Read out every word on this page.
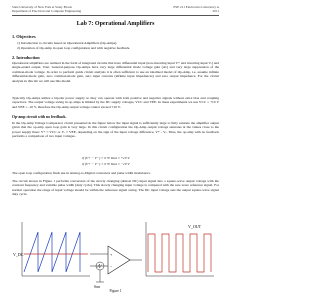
State University of New York at Stony Brook
Department of Electrical and Computer Engineering
ESE 211 Electronics Laboratory A
2011
Lab 7: Operational Amplifiers
1. Objectives
1) Introduction to circuits based on Operational Amplifiers (Op-Amps).
2) Operation of Op-Amp in open loop configuration and with negative feedback.
2. Introduction
Operational amplifiers are realized in the form of integrated circuits that have differential input (non-inverting input V+ and inverting input V-) and single-ended output, Vout. General-purpose Op-Amps have very large differential mode voltage gain (Av) and very large suppression of the common-mode voltage. In order to perform quick circuit analysis it is often sufficient to use an idealized model of Op-Amp, i.e. assume infinite differential-mode gain, zero common-mode gain, zero input currents (infinite input impedances) and zero output impedance. For the circuit analysis in this lab we will use this model.
Typically Op-Amps utilize a bipolar power supply so they can operate with both positive and negative signals without extra bias and coupling capacitors. The output voltage swing in op-amps is limited by the DC supply voltages, VCC and VEE. In these experiments we use VCC = +10 V and VEE = -10 V, therefore the Op-Amp output voltage cannot exceed ±10 V.
Op-amp circuit with no feedback.
In the Op-Amp Voltage Comparator circuit presented in the figure below the input signal is sufficiently large to fully saturate the amplifier output given that the op-amp open loop gain is very large. In this circuit configuration the Op-Amp output voltage saturates at the values close to the power supply lines: V+ ≈ VCC or V- ≈ VEE, depending on the sign of the input voltage difference, V+ - V-. Thus, the op-amp with no feedback performs a comparison of two input voltages.
if (V+ − V−) > 0 ⇒ Vout ≈ +10 V
if (V+ − V−) < 0 ⇒ Vout ≈ −10 V
The open loop configuration finds use in Analog-to-Digital converters and pulse width modulators.
The circuit shown in Figure 1 performs conversion of the slowly changing (almost DC) input signal into a square-wave output voltage with the constant frequency and variable pulse width (duty cycle). This slowly changing input voltage is compared with the saw-wave reference signal. For normal operation the range of input voltage should be within the reference signal swing. The DC input voltage sets the output square-wave signal duty cycle.
V_DC	+
−
Saw
V_OUT
Figure 1
